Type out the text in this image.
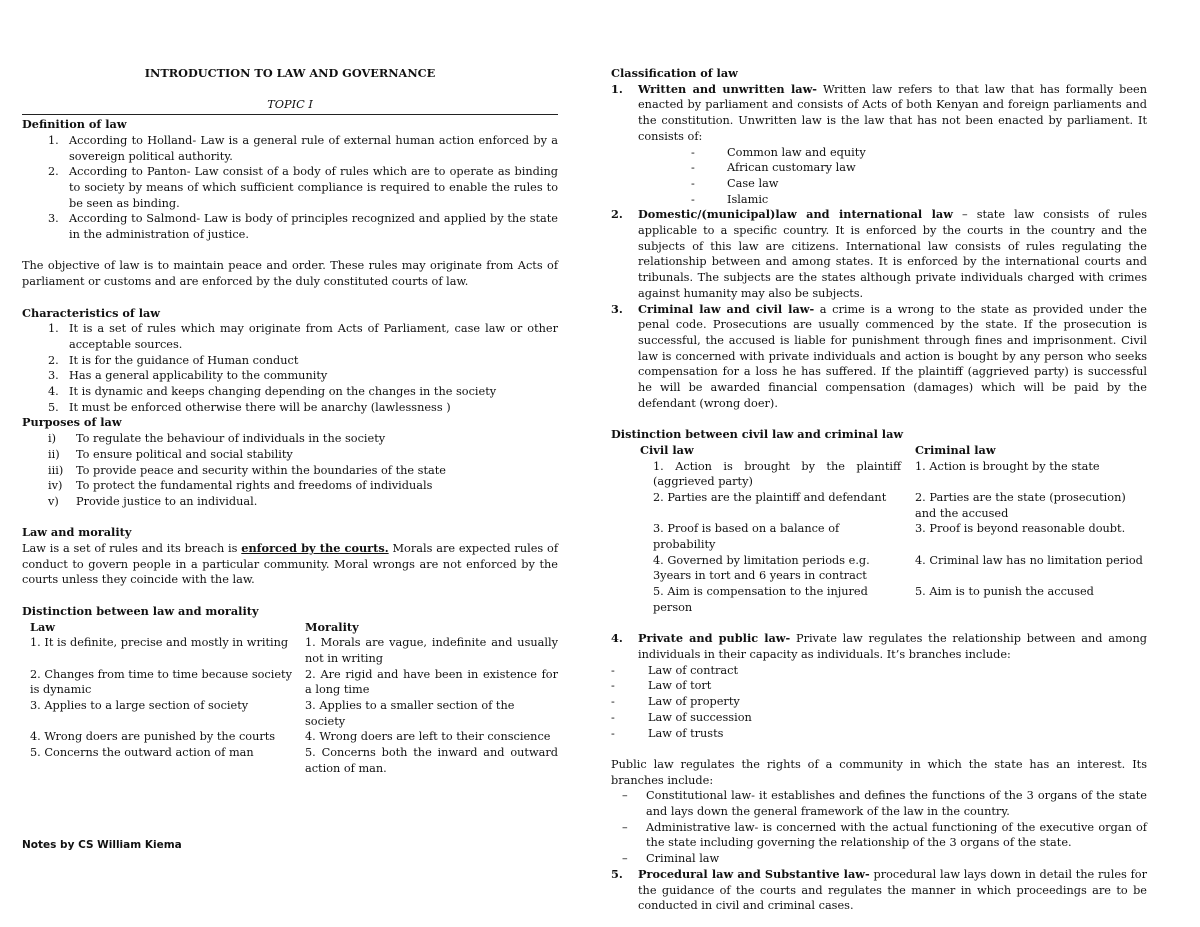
INTRODUCTION TO LAW AND GOVERNANCE
TOPIC I
Definition of law
1. According to Holland- Law is a general rule of external human action enforced by a sovereign political authority.
2. According to Panton- Law consist of a body of rules which are to operate as binding to society by means of which sufficient compliance is required to enable the rules to be seen as binding.
3. According to Salmond- Law is body of principles recognized and applied by the state in the administration of justice.
The objective of law is to maintain peace and order. These rules may originate from Acts of parliament or customs and are enforced by the duly constituted courts of law.
Characteristics of law
1. It is a set of rules which may originate from Acts of Parliament, case law or other acceptable sources.
2. It is for the guidance of Human conduct
3. Has a general applicability to the community
4. It is dynamic and keeps changing depending on the changes in the society
5. It must be enforced otherwise there will be anarchy (lawlessness )
Purposes of law
i) To regulate the behaviour of individuals in the society
ii) To ensure political and social stability
iii) To provide peace and security within the boundaries of the state
iv) To protect the fundamental rights and freedoms of individuals
v) Provide justice to an individual.
Law and morality
Law is a set of rules and its breach is enforced by the courts. Morals are expected rules of conduct to govern people in a particular community. Moral wrongs are not enforced by the courts unless they coincide with the law.
Distinction between law and morality
Law	Morality
1. It is definite, precise and mostly in writing	1. Morals are vague, indefinite and usually not in writing
2. Changes from time to time because society is dynamic	2. Are rigid and have been in existence for a long time
3. Applies to a large section of society	3. Applies to a smaller section of the society
4. Wrong doers are punished by the courts	4. Wrong doers are left to their conscience
5. Concerns the outward action of man	5. Concerns both the inward and outward action of man.
Notes by CS William Kiema
Classification of law
1. Written and unwritten law- Written law refers to that law that has formally been enacted by parliament and consists of Acts of both Kenyan and foreign parliaments and the constitution. Unwritten law is the law that has not been enacted by parliament. It consists of:
-	Common law and equity
-	African customary law
-	Case law
-	Islamic
2. Domestic/(municipal)law and international law – state law consists of rules applicable to a specific country. It is enforced by the courts in the country and the subjects of this law are citizens. International law consists of rules regulating the relationship between and among states. It is enforced by the international courts and tribunals. The subjects are the states although private individuals charged with crimes against humanity may also be subjects.
3. Criminal law and civil law- a crime is a wrong to the state as provided under the penal code. Prosecutions are usually commenced by the state. If the prosecution is successful, the accused is liable for punishment through fines and imprisonment. Civil law is concerned with private individuals and action is bought by any person who seeks compensation for a loss he has suffered. If the plaintiff (aggrieved party) is successful he will be awarded financial compensation (damages) which will be paid by the defendant (wrong doer).
Distinction between civil law and criminal law
Civil law	Criminal law
1. Action is brought by the plaintiff (aggrieved party)	1. Action is brought by the state
2. Parties are the plaintiff and defendant	2. Parties are the state (prosecution) and the accused
3. Proof is based on a balance of probability	3. Proof is beyond reasonable doubt.
4. Governed by limitation periods e.g. 3years in tort and 6 years in contract	4. Criminal law has no limitation period
5. Aim is compensation to the injured person	5. Aim is to punish the accused
4. Private and public law- Private law regulates the relationship between and among individuals in their capacity as individuals. It’s branches include:
-	Law of contract
-	Law of tort
-	Law of property
-	Law of succession
-	Law of trusts
Public law regulates the rights of a community in which the state has an interest. Its branches include:
– Constitutional law- it establishes and defines the functions of the 3 organs of the state and lays down the general framework of the law in the country.
– Administrative law- is concerned with the actual functioning of the executive organ of the state including governing the relationship of the 3 organs of the state.
– Criminal law
5. Procedural law and Substantive law- procedural law lays down in detail the rules for the guidance of the courts and regulates the manner in which proceedings are to be conducted in civil and criminal cases.
